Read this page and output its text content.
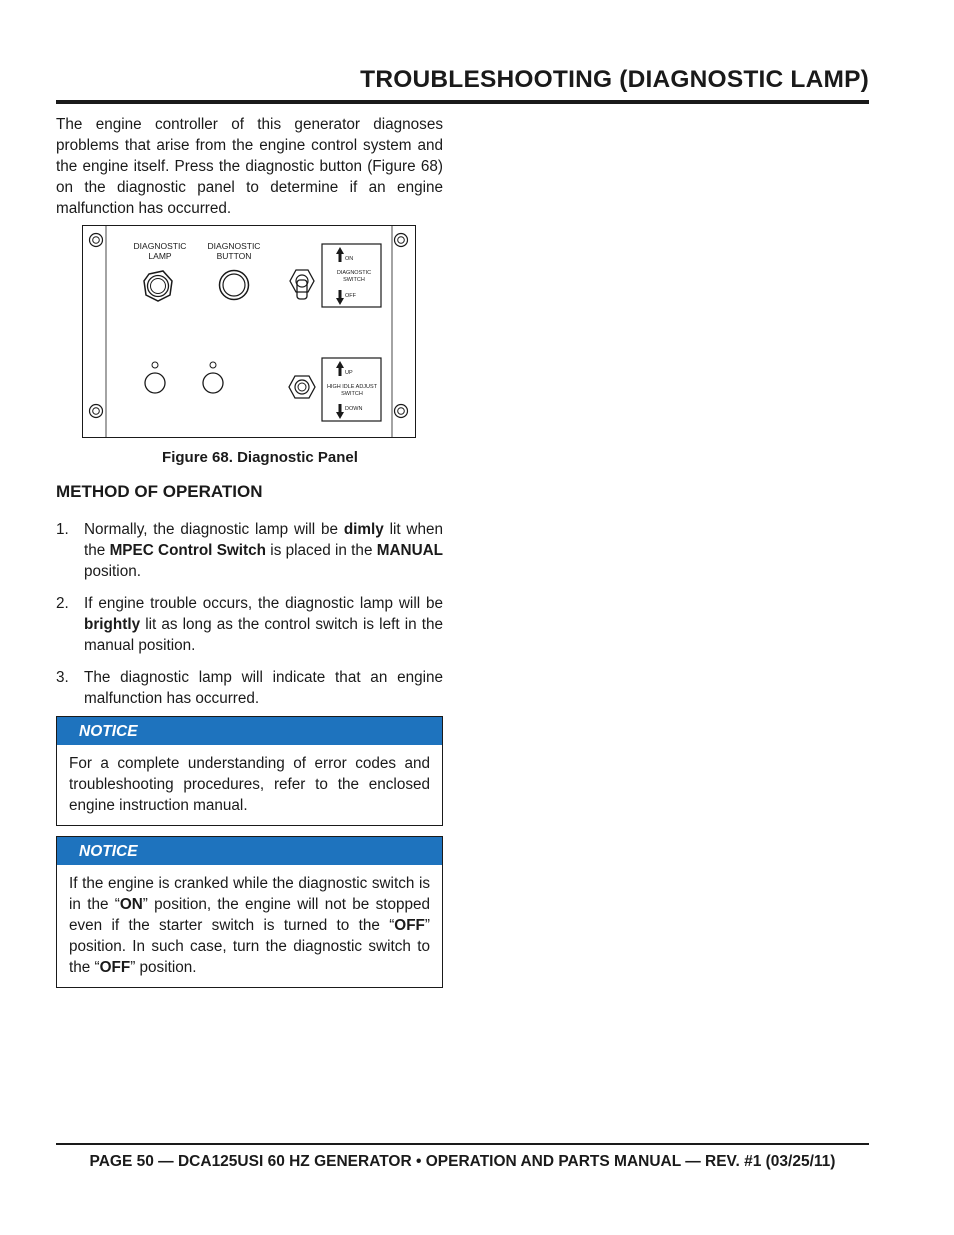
TROUBLESHOOTING (DIAGNOSTIC LAMP)

The engine controller of this generator diagnoses problems that arise from the engine control system and the engine itself. Press the diagnostic button (Figure 68) on the diagnostic panel to determine if an engine malfunction has occurred.

DIAGNOSTIC
LAMP
DIAGNOSTIC
BUTTON	ON
DIAGNOSTIC
SWITCH
OFF
UP
HIGH IDLE ADJUST
SWITCH
DOWN

Figure 68. Diagnostic Panel

METHOD OF OPERATION
1. Normally, the diagnostic lamp will be dimly lit when the MPEC Control Switch is placed in the MANUAL position.
2. If engine trouble occurs, the diagnostic lamp will be brightly lit as long as the control switch is left in the manual position.
3. The diagnostic lamp will indicate that an engine malfunction has occurred.
NOTICE
For a complete understanding of error codes and troubleshooting procedures, refer to the enclosed engine instruction manual.
NOTICE
If the engine is cranked while the diagnostic switch is in the “ON” position, the engine will not be stopped even if the starter switch is turned to the “OFF” position. In such case, turn the diagnostic switch to the “OFF” position.

PAGE 50 — DCA125USI 60 HZ GENERATOR • OPERATION AND PARTS MANUAL — REV. #1 (03/25/11)
